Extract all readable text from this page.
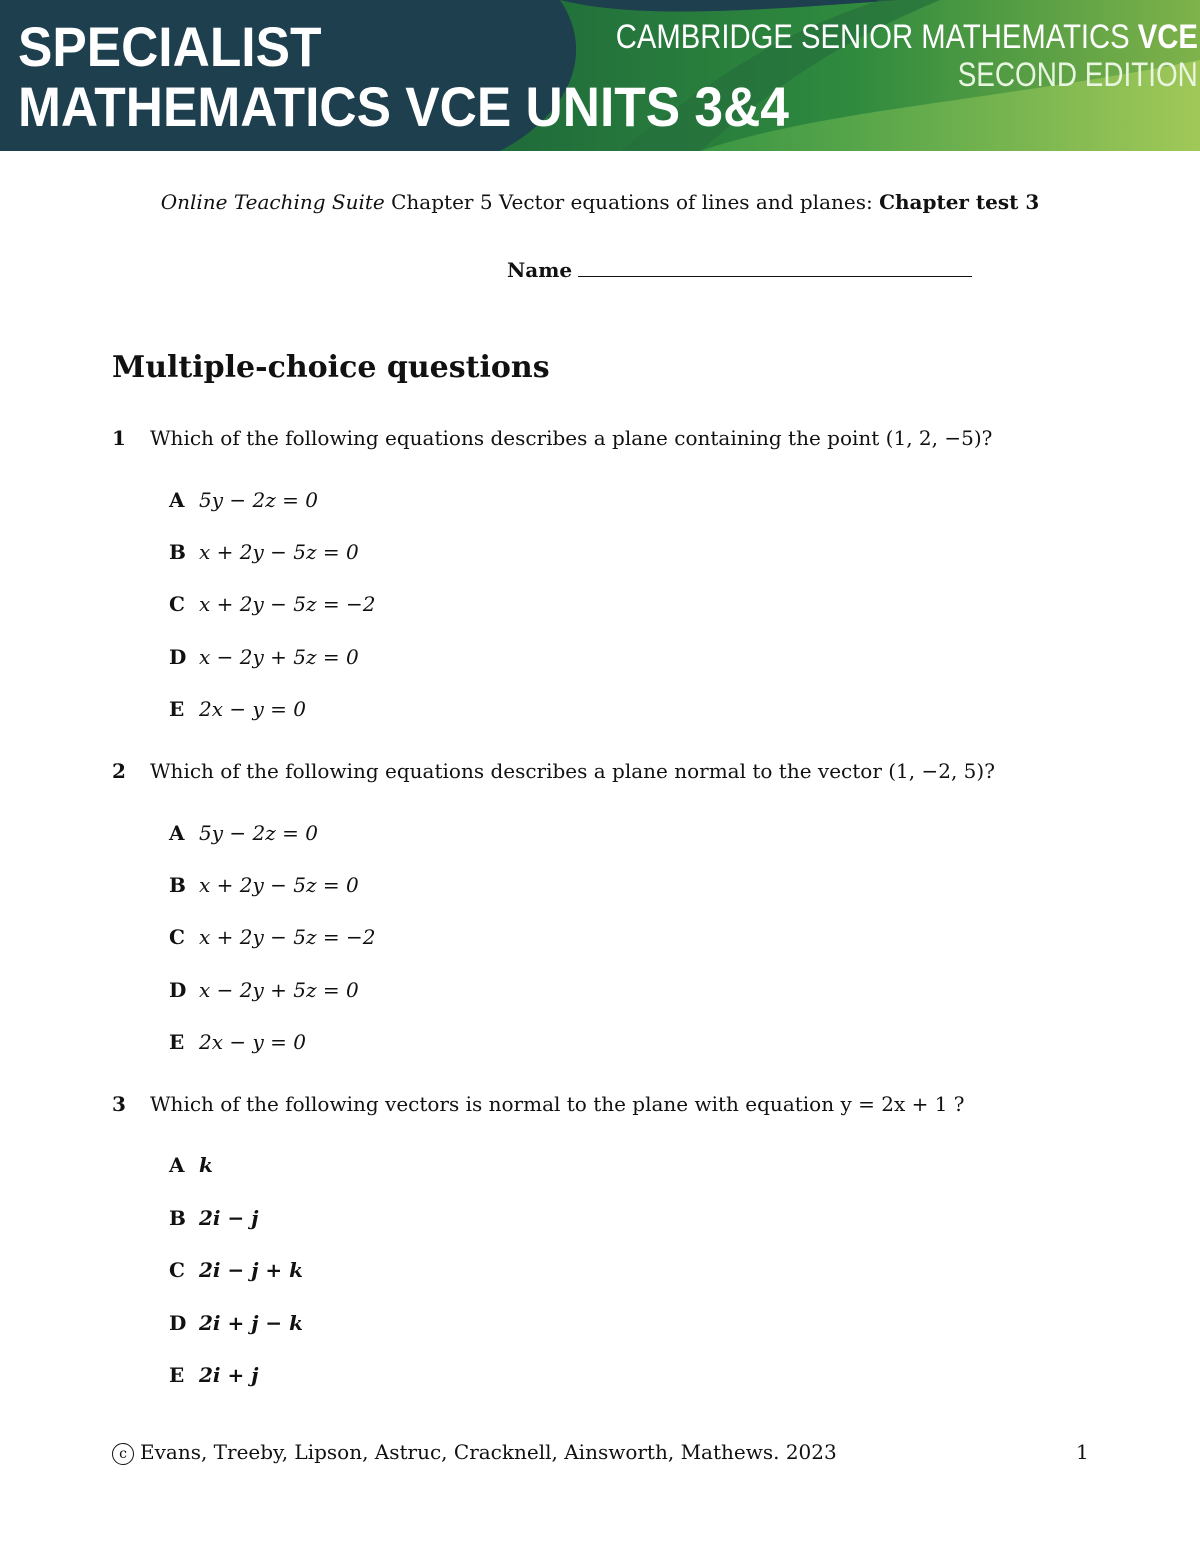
SPECIALIST
MATHEMATICS VCE UNITS 3&4
CAMBRIDGE SENIOR MATHEMATICS VCE
SECOND EDITION
Online Teaching Suite Chapter 5 Vector equations of lines and planes: Chapter test 3
Name
Multiple-choice questions
1 Which of the following equations describes a plane containing the point (1, 2, −5)?
A 5y − 2z = 0
B x + 2y − 5z = 0
C x + 2y − 5z = −2
D x − 2y + 5z = 0
E 2x − y = 0
2 Which of the following equations describes a plane normal to the vector (1, −2, 5)?
A 5y − 2z = 0
B x + 2y − 5z = 0
C x + 2y − 5z = −2
D x − 2y + 5z = 0
E 2x − y = 0
3 Which of the following vectors is normal to the plane with equation y = 2x + 1 ?
A k
B 2i − j
C 2i − j + k
D 2i + j − k
E 2i + j
c Evans, Treeby, Lipson, Astruc, Cracknell, Ainsworth, Mathews. 2023	1
